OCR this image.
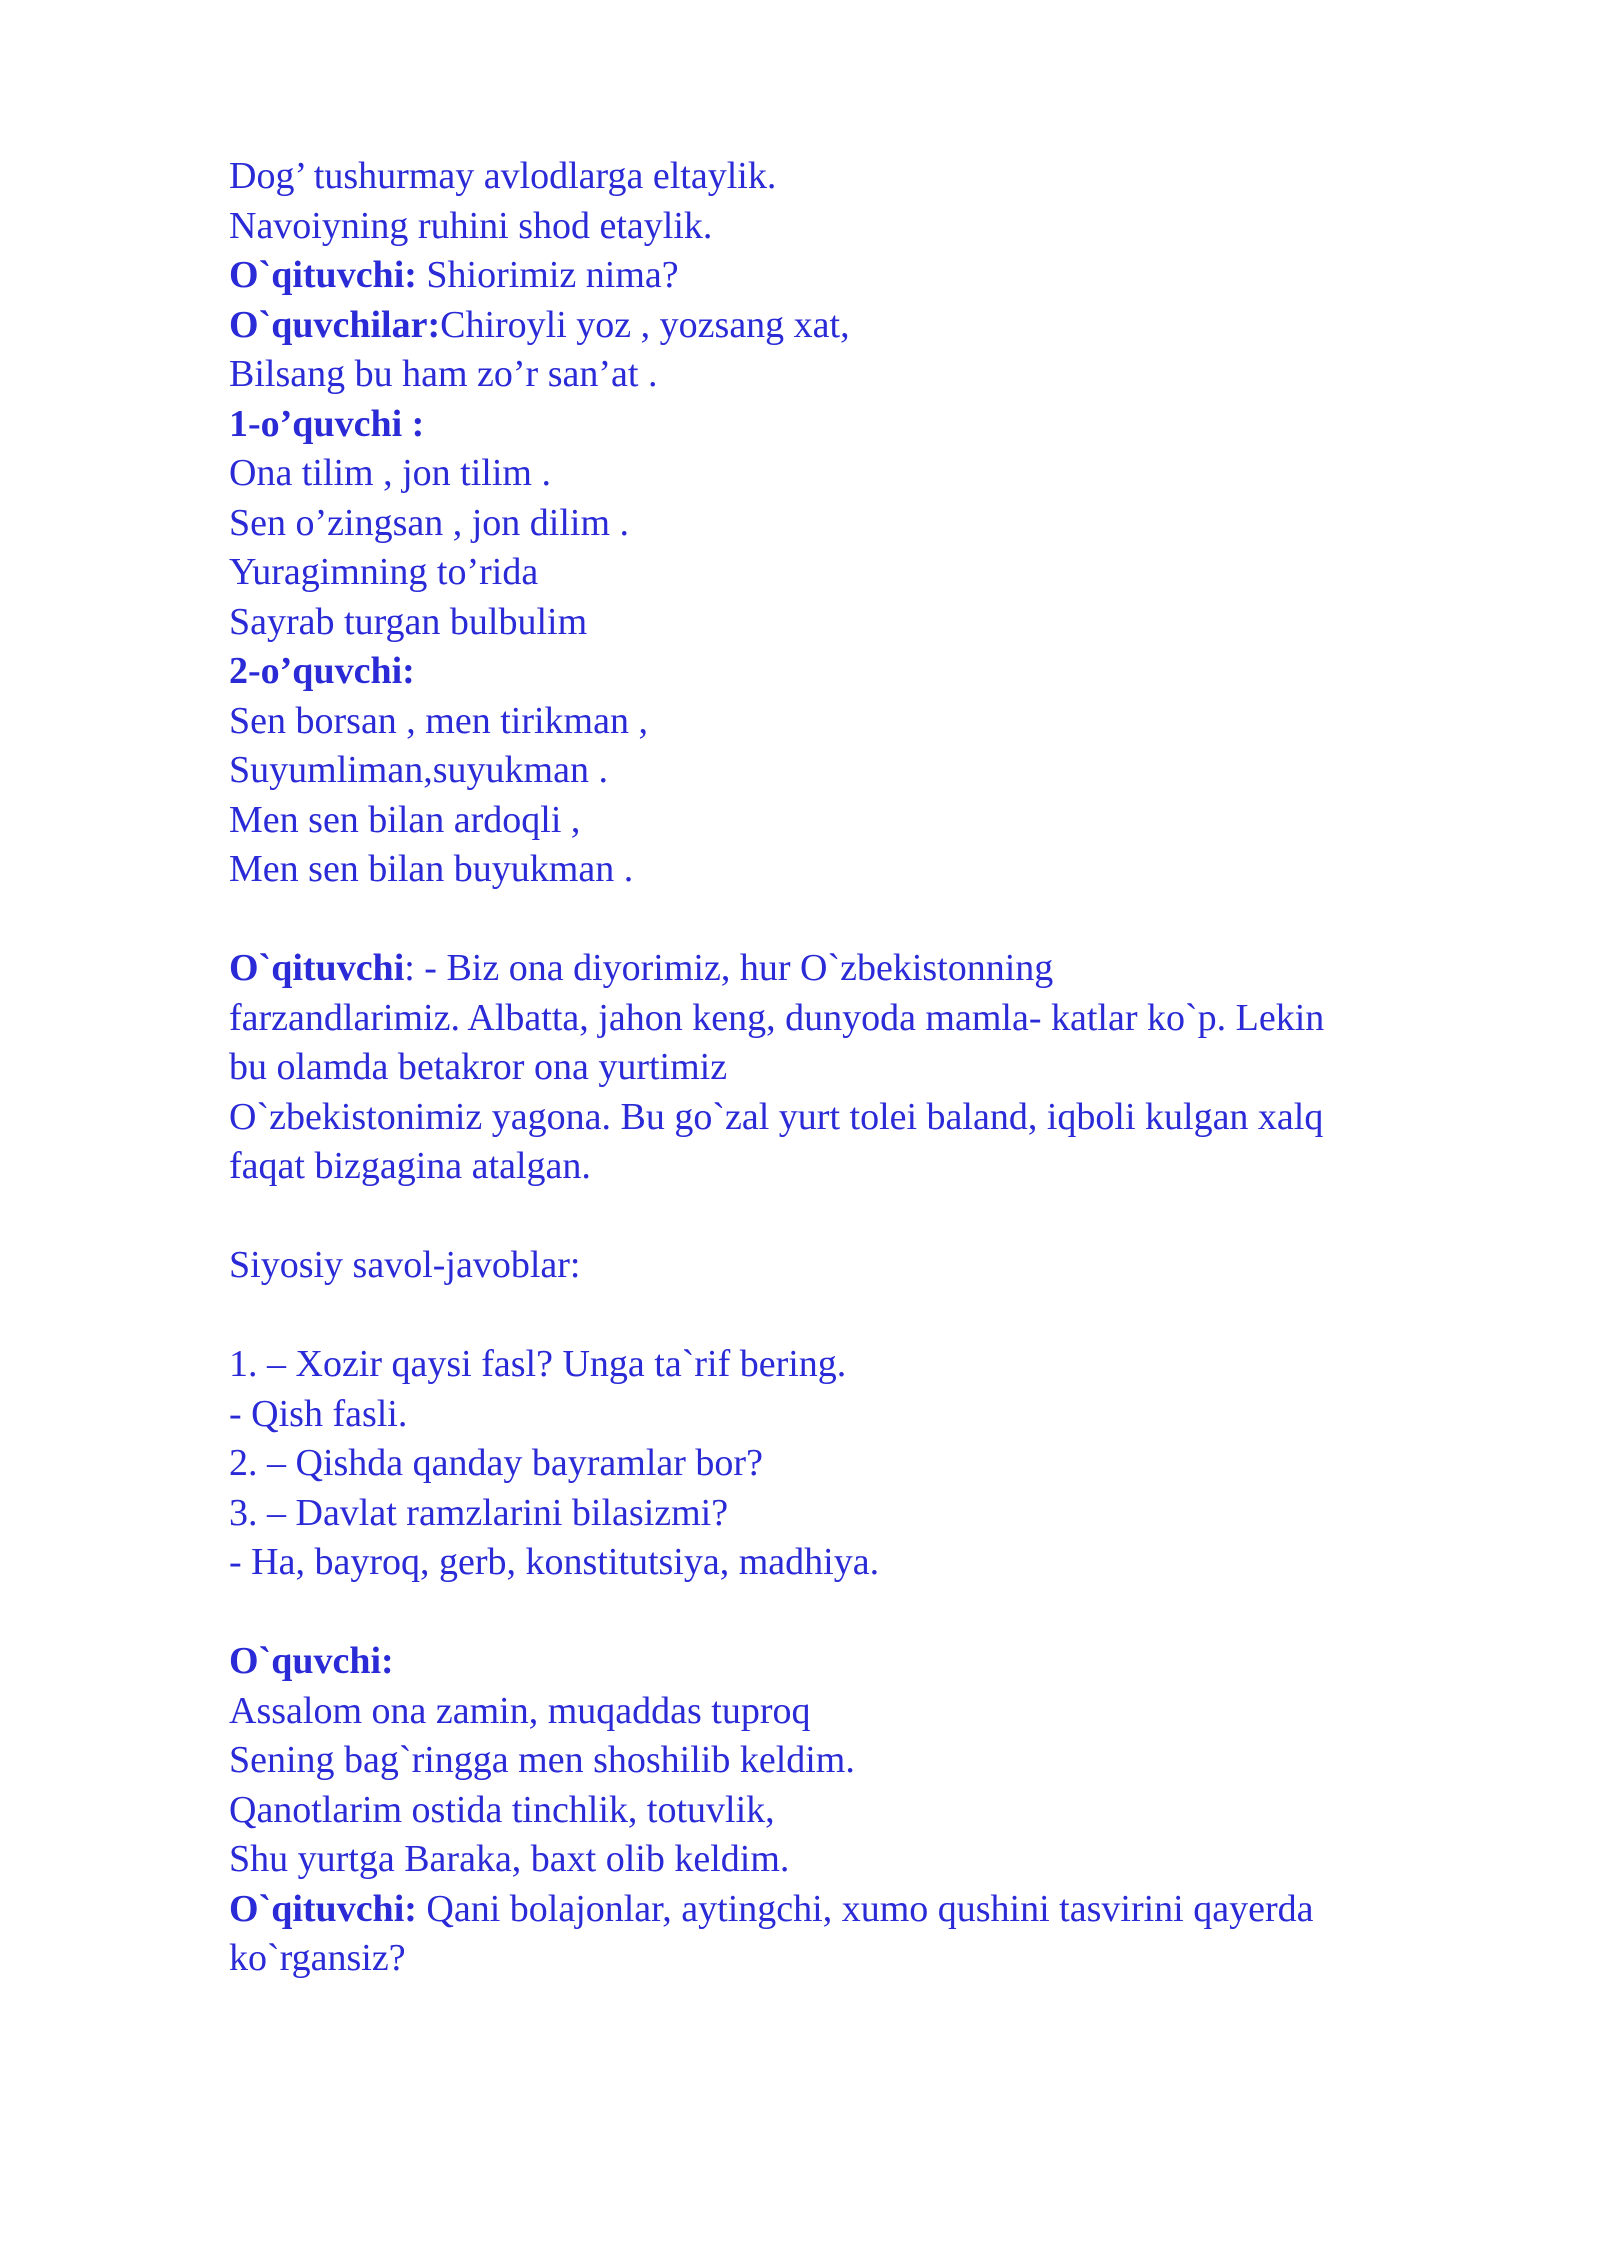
Dog’ tushurmay avlodlarga eltaylik.
Navoiyning ruhini shod etaylik.
O`qituvchi: Shiorimiz nima?
O`quvchilar:Chiroyli yoz , yozsang xat,
Bilsang bu ham zo’r san’at .
1-o’quvchi :
Ona tilim , jon tilim .
Sen o’zingsan , jon dilim .
Yuragimning to’rida
Sayrab turgan bulbulim
2-o’quvchi:
Sen borsan , men tirikman ,
Suyumliman,suyukman .
Men sen bilan ardoqli ,
Men sen bilan buyukman .
O`qituvchi: - Biz ona diyorimiz, hur O`zbekistonning
farzandlarimiz. Albatta, jahon keng, dunyoda mamla- katlar ko`p. Lekin
bu olamda betakror ona yurtimiz
O`zbekistonimiz yagona. Bu go`zal yurt tolei baland, iqboli kulgan xalq
faqat bizgagina atalgan.
Siyosiy savol-javoblar:
1. – Xozir qaysi fasl? Unga ta`rif bering.
- Qish fasli.
2. – Qishda qanday bayramlar bor?
3. – Davlat ramzlarini bilasizmi?
- Ha, bayroq, gerb, konstitutsiya, madhiya.
O`quvchi:
Assalom ona zamin, muqaddas tuproq
Sening bag`ringga men shoshilib keldim.
Qanotlarim ostida tinchlik, totuvlik,
Shu yurtga Baraka, baxt olib keldim.
O`qituvchi: Qani bolajonlar, aytingchi, xumo qushini tasvirini qayerda
ko`rgansiz?
